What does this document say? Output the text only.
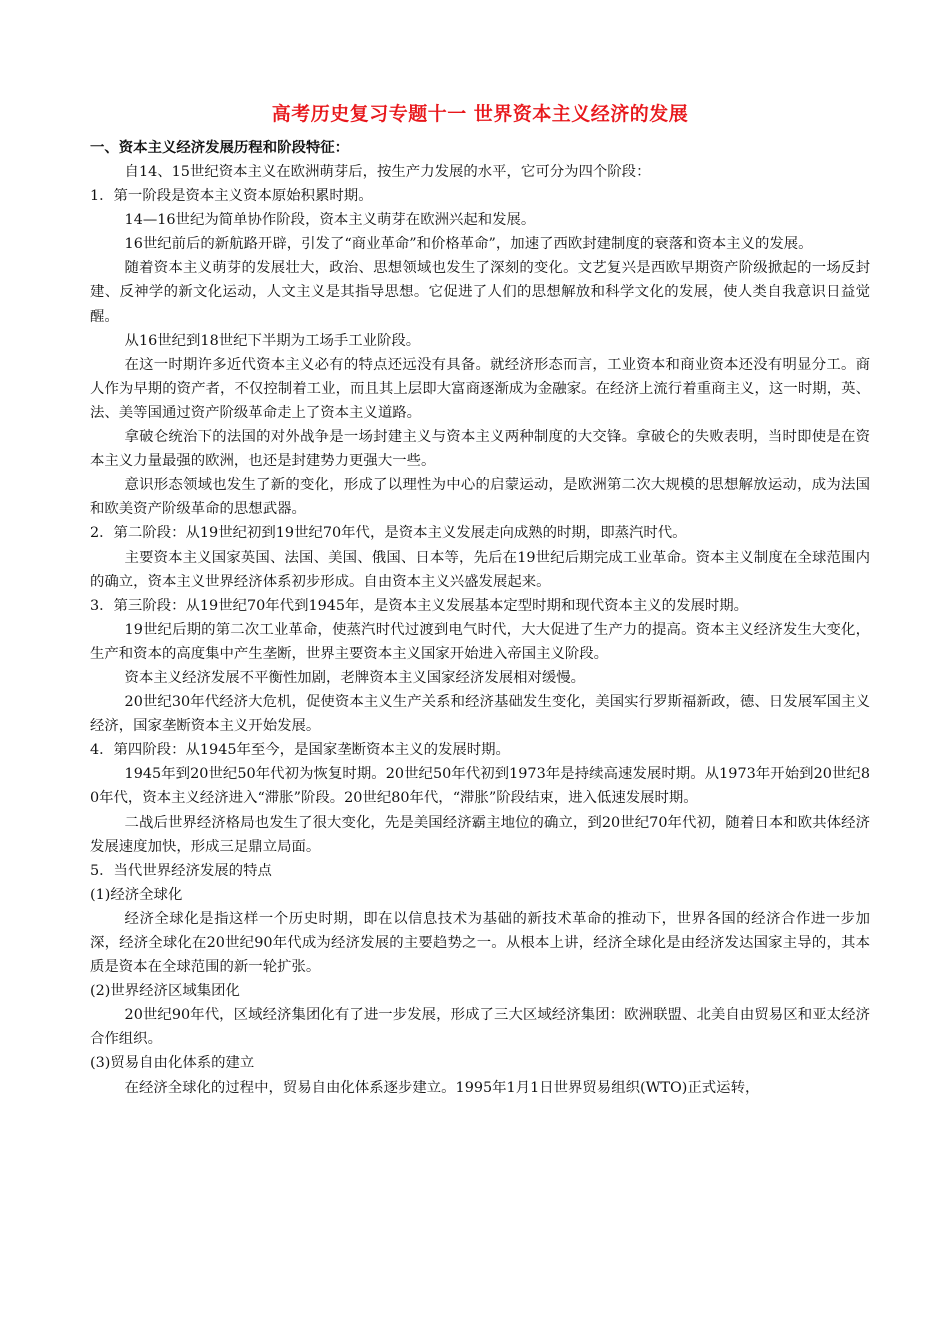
高考历史复习专题十一 世界资本主义经济的发展
一、资本主义经济发展历程和阶段特征：

自14、15世纪资本主义在欧洲萌芽后，按生产力发展的水平，它可分为四个阶段：

1．第一阶段是资本主义资本原始积累时期。

14—16世纪为简单协作阶段，资本主义萌芽在欧洲兴起和发展。

16世纪前后的新航路开辟，引发了“商业革命”和价格革命”，加速了西欧封建制度的衰落和资本主义的发展。

随着资本主义萌芽的发展壮大，政治、思想领域也发生了深刻的变化。文艺复兴是西欧早期资产阶级掀起的一场反封建、反神学的新文化运动，人文主义是其指导思想。它促进了人们的思想解放和科学文化的发展，使人类自我意识日益觉醒。

从16世纪到18世纪下半期为工场手工业阶段。

在这一时期许多近代资本主义必有的特点还远没有具备。就经济形态而言，工业资本和商业资本还没有明显分工。商人作为早期的资产者，不仅控制着工业，而且其上层即大富商逐渐成为金融家。在经济上流行着重商主义，这一时期，英、法、美等国通过资产阶级革命走上了资本主义道路。

拿破仑统治下的法国的对外战争是一场封建主义与资本主义两种制度的大交锋。拿破仑的失败表明，当时即使是在资本主义力量最强的欧洲，也还是封建势力更强大一些。

意识形态领域也发生了新的变化，形成了以理性为中心的启蒙运动，是欧洲第二次大规模的思想解放运动，成为法国和欧美资产阶级革命的思想武器。

2．第二阶段：从19世纪初到19世纪70年代，是资本主义发展走向成熟的时期，即蒸汽时代。

主要资本主义国家英国、法国、美国、俄国、日本等，先后在19世纪后期完成工业革命。资本主义制度在全球范围内的确立，资本主义世界经济体系初步形成。自由资本主义兴盛发展起来。

3．第三阶段：从19世纪70年代到1945年，是资本主义发展基本定型时期和现代资本主义的发展时期。

19世纪后期的第二次工业革命，使蒸汽时代过渡到电气时代，大大促进了生产力的提高。资本主义经济发生大变化，生产和资本的高度集中产生垄断，世界主要资本主义国家开始进入帝国主义阶段。

资本主义经济发展不平衡性加剧，老牌资本主义国家经济发展相对缓慢。

20世纪30年代经济大危机，促使资本主义生产关系和经济基础发生变化，美国实行罗斯福新政，德、日发展军国主义经济，国家垄断资本主义开始发展。

4．第四阶段：从1945年至今，是国家垄断资本主义的发展时期。

1945年到20世纪50年代初为恢复时期。20世纪50年代初到1973年是持续高速发展时期。从1973年开始到20世纪80年代，资本主义经济进入“滞胀”阶段。20世纪80年代，“滞胀”阶段结束，进入低速发展时期。

二战后世界经济格局也发生了很大变化，先是美国经济霸主地位的确立，到20世纪70年代初，随着日本和欧共体经济发展速度加快，形成三足鼎立局面。

5．当代世界经济发展的特点

(1)经济全球化

经济全球化是指这样一个历史时期，即在以信息技术为基础的新技术革命的推动下，世界各国的经济合作进一步加深，经济全球化在20世纪90年代成为经济发展的主要趋势之一。从根本上讲，经济全球化是由经济发达国家主导的，其本质是资本在全球范围的新一轮扩张。

(2)世界经济区域集团化

20世纪90年代，区域经济集团化有了进一步发展，形成了三大区域经济集团：欧洲联盟、北美自由贸易区和亚太经济合作组织。

(3)贸易自由化体系的建立

在经济全球化的过程中，贸易自由化体系逐步建立。1995年1月1日世界贸易组织(WTO)正式运转，
